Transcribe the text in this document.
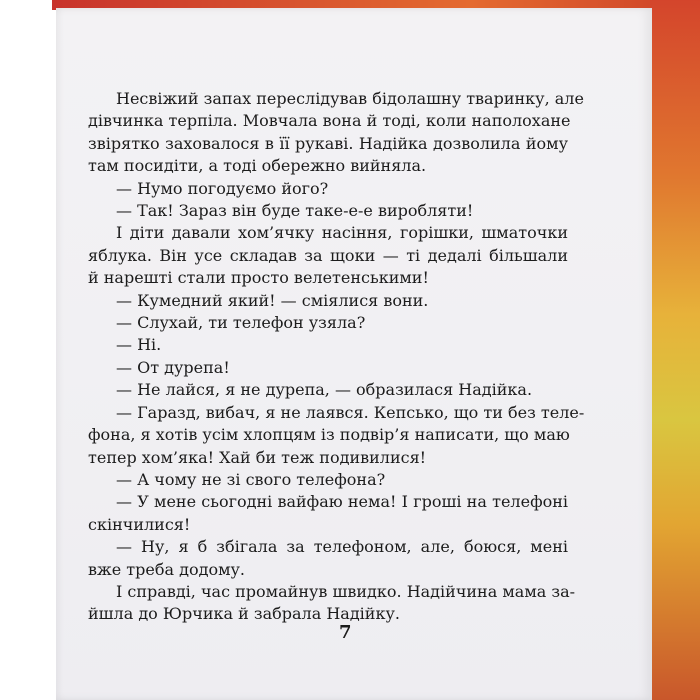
Несвіжий запах переслідував бідолашну тваринку, але
дівчинка терпіла. Мовчала вона й тоді, коли наполохане
звірятко заховалося в її рукаві. Надійка дозволила йому
там посидіти, а тоді обережно вийняла.
— Нумо погодуємо його?
— Так! Зараз він буде таке-е-е виробляти!
І діти давали хом’ячку насіння, горішки, шматочки
яблука. Він усе складав за щоки — ті дедалі більшали
й нарешті стали просто велетенськими!
— Кумедний який! — сміялися вони.
— Слухай, ти телефон узяла?
— Ні.
— От дурепа!
— Не лайся, я не дурепа, — образилася Надійка.
— Гаразд, вибач, я не лаявся. Кепсько, що ти без теле-
фона, я хотів усім хлопцям із подвір’я написати, що маю
тепер хом’яка! Хай би теж подивилися!
— А чому не зі свого телефона?
— У мене сьогодні вайфаю нема! І гроші на телефоні
скінчилися!
— Ну, я б збігала за телефоном, але, боюся, мені
вже треба додому.
І справді, час промайнув швидко. Надійчина мама за-
йшла до Юрчика й забрала Надійку.
7
